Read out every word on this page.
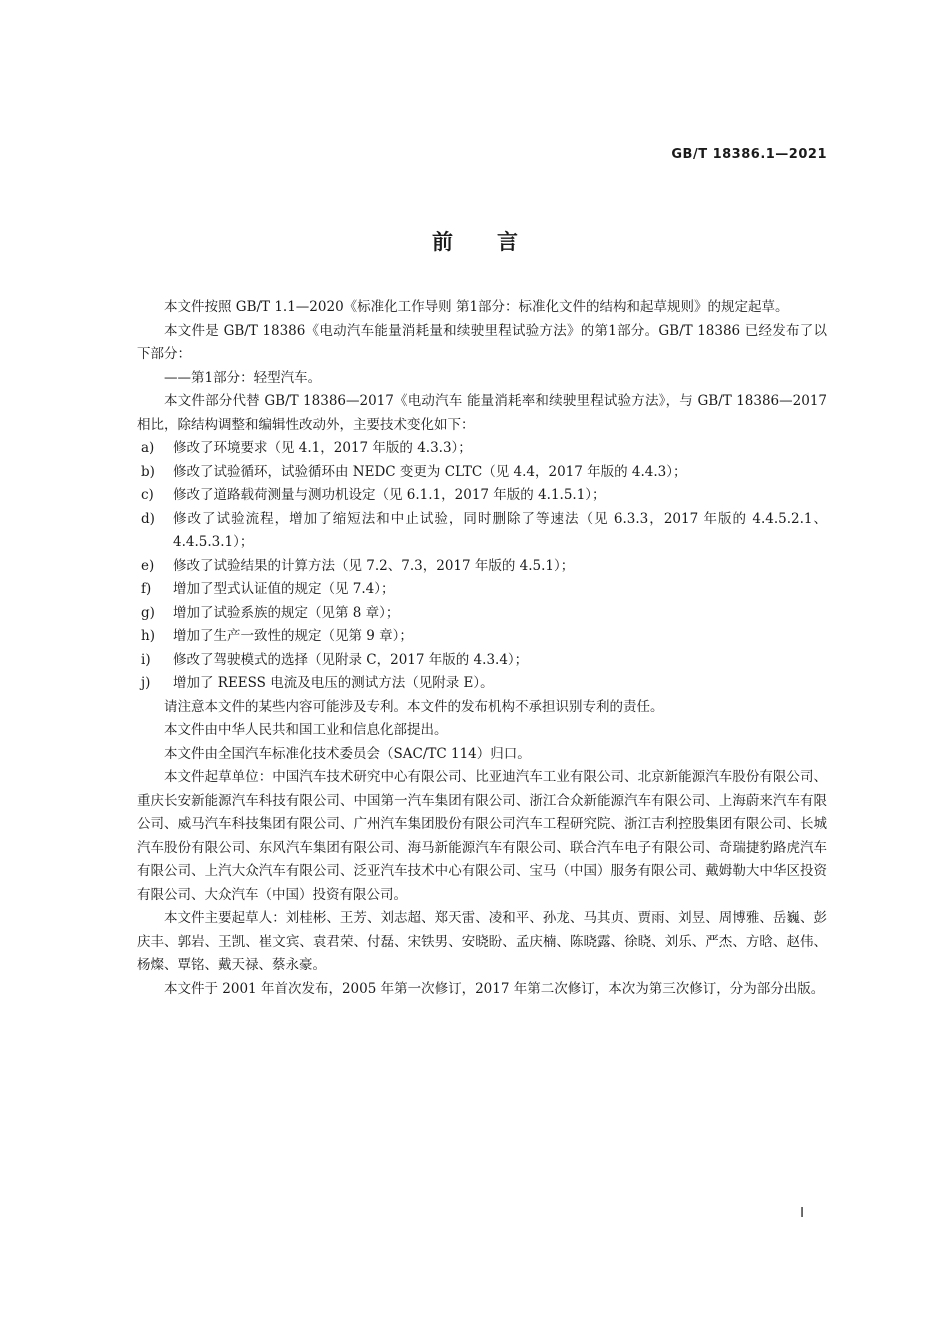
GB/T 18386.1—2021
前言

本文件按照 GB/T 1.1—2020《标准化工作导则 第1部分：标准化文件的结构和起草规则》的规定起草。

本文件是 GB/T 18386《电动汽车能量消耗量和续驶里程试验方法》的第1部分。GB/T 18386 已经发布了以下部分：

——第1部分：轻型汽车。

本文件部分代替 GB/T 18386—2017《电动汽车 能量消耗率和续驶里程试验方法》，与 GB/T 18386—2017 相比，除结构调整和编辑性改动外，主要技术变化如下：

a)	修改了环境要求（见 4.1，2017 年版的 4.3.3）；
b)	修改了试验循环，试验循环由 NEDC 变更为 CLTC（见 4.4，2017 年版的 4.4.3）；
c)	修改了道路载荷测量与测功机设定（见 6.1.1，2017 年版的 4.1.5.1）；
d)	修改了试验流程，增加了缩短法和中止试验，同时删除了等速法（见 6.3.3，2017 年版的 4.4.5.2.1、4.4.5.3.1）；
e)	修改了试验结果的计算方法（见 7.2、7.3，2017 年版的 4.5.1）；
f)	增加了型式认证值的规定（见 7.4）；
g)	增加了试验系族的规定（见第 8 章）；
h)	增加了生产一致性的规定（见第 9 章）；
i)	修改了驾驶模式的选择（见附录 C，2017 年版的 4.3.4）；
j)	增加了 REESS 电流及电压的测试方法（见附录 E）。

请注意本文件的某些内容可能涉及专利。本文件的发布机构不承担识别专利的责任。

本文件由中华人民共和国工业和信息化部提出。

本文件由全国汽车标准化技术委员会（SAC/TC 114）归口。

本文件起草单位：中国汽车技术研究中心有限公司、比亚迪汽车工业有限公司、北京新能源汽车股份有限公司、重庆长安新能源汽车科技有限公司、中国第一汽车集团有限公司、浙江合众新能源汽车有限公司、上海蔚来汽车有限公司、威马汽车科技集团有限公司、广州汽车集团股份有限公司汽车工程研究院、浙江吉利控股集团有限公司、长城汽车股份有限公司、东风汽车集团有限公司、海马新能源汽车有限公司、联合汽车电子有限公司、奇瑞捷豹路虎汽车有限公司、上汽大众汽车有限公司、泛亚汽车技术中心有限公司、宝马（中国）服务有限公司、戴姆勒大中华区投资有限公司、大众汽车（中国）投资有限公司。

本文件主要起草人：刘桂彬、王芳、刘志超、郑天雷、凌和平、孙龙、马其贞、贾雨、刘昱、周博雅、岳巍、彭庆丰、郭岩、王凯、崔文宾、袁君荣、付磊、宋铁男、安晓盼、孟庆楠、陈晓露、徐晓、刘乐、严杰、方晗、赵伟、杨燦、覃铭、戴天禄、蔡永豪。

本文件于 2001 年首次发布，2005 年第一次修订，2017 年第二次修订，本次为第三次修订，分为部分出版。

I
